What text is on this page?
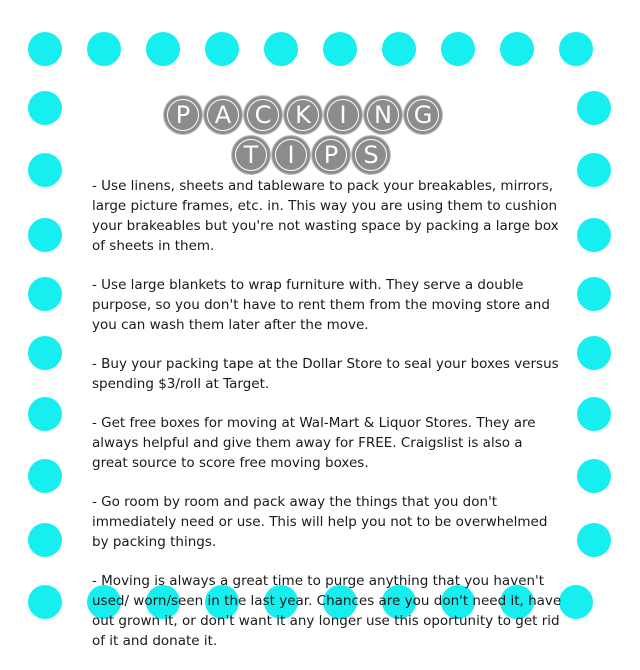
P A C K I N G
T I P S

- Use linens, sheets and tableware to pack your breakables, mirrors, large picture frames, etc. in. This way you are using them to cushion your brakeables but you're not wasting space by packing a large box of sheets in them.

- Use large blankets to wrap furniture with. They serve a double purpose, so you don't have to rent them from the moving store and you can wash them later after the move.

- Buy your packing tape at the Dollar Store to seal your boxes versus spending $3/roll at Target.

- Get free boxes for moving at Wal-Mart & Liquor Stores. They are always helpful and give them away for FREE. Craigslist is also a great source to score free moving boxes.

- Go room by room and pack away the things that you don't immediately need or use. This will help you not to be overwhelmed by packing things.

- Moving is always a great time to purge anything that you haven't used/ worn/seen in the last year. Chances are you don't need it, have out grown it, or don't want it any longer use this oportunity to get rid of it and donate it.
